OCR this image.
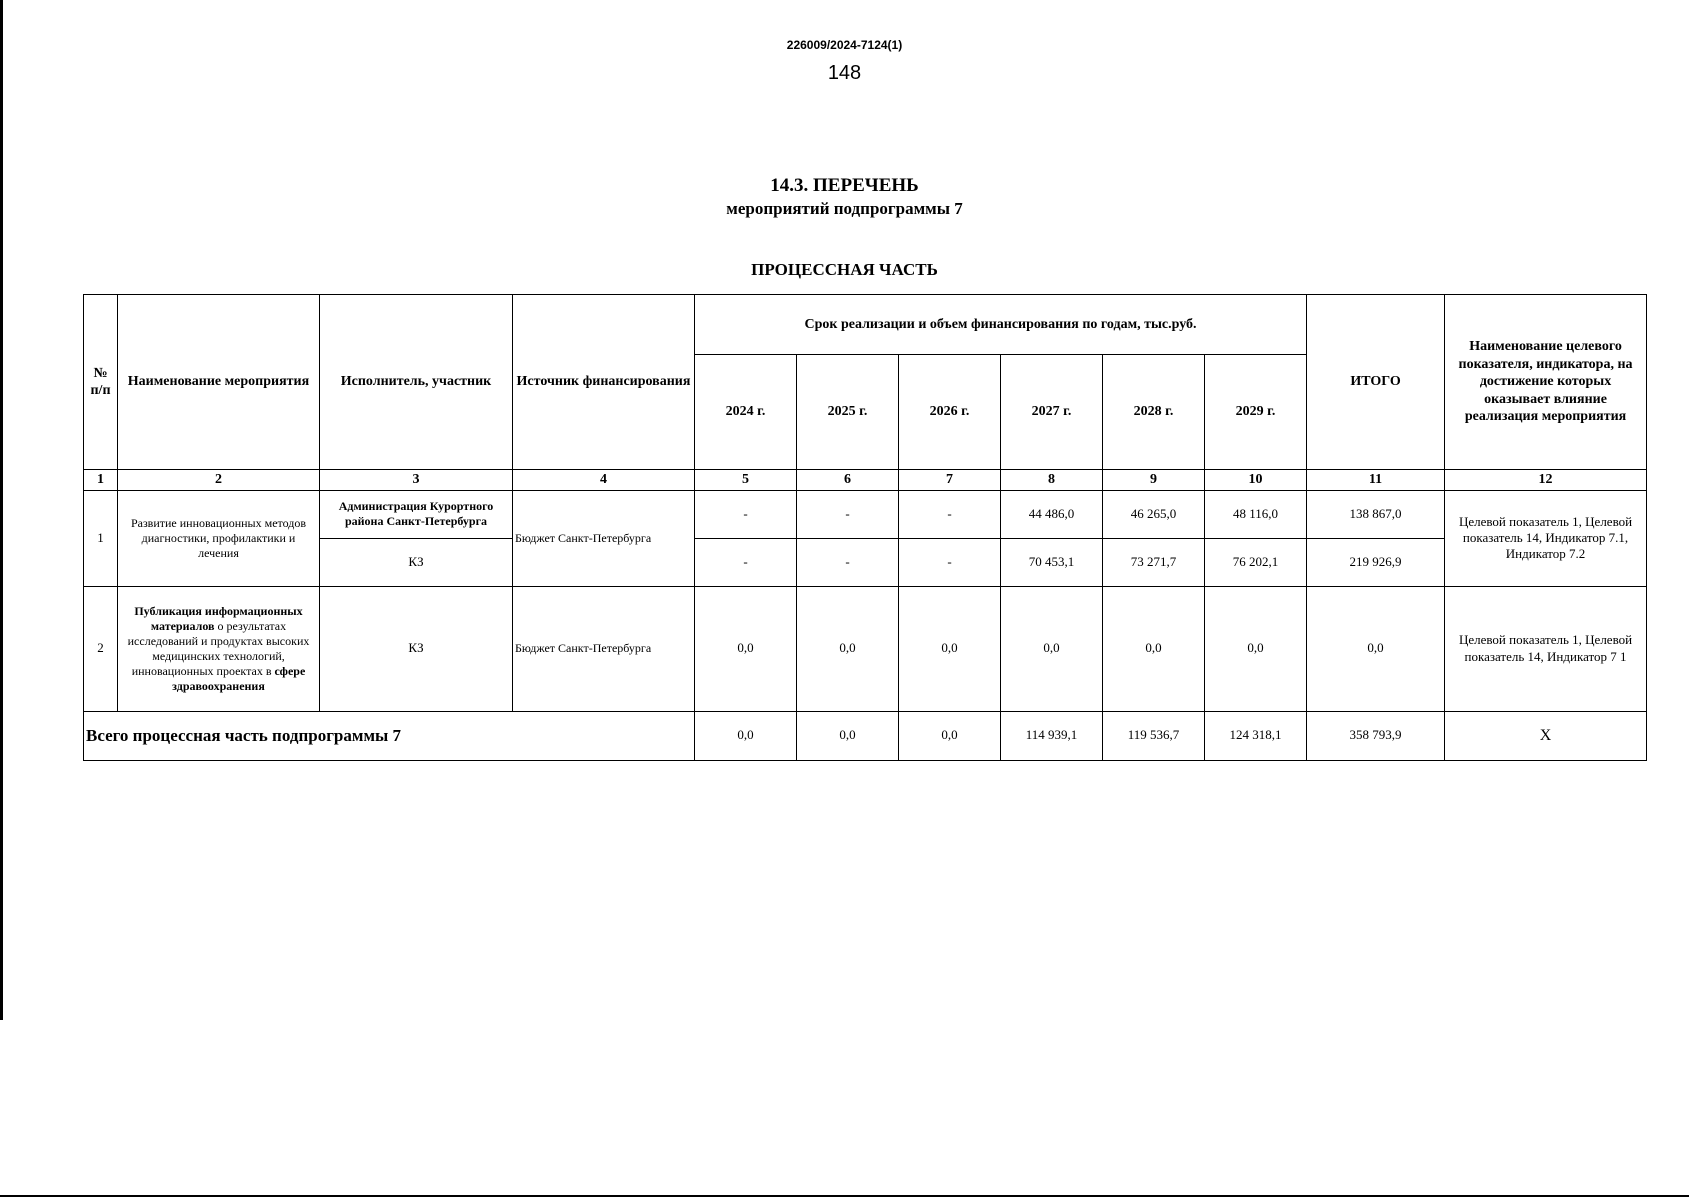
226009/2024-7124(1)
148
14.3. ПЕРЕЧЕНЬ
мероприятий подпрограммы 7
ПРОЦЕССНАЯ ЧАСТЬ
№ п/п	Наименование мероприятия	Исполнитель, участник	Источник финансирования	Срок реализации и объем финансирования по годам, тыс.руб.						ИТОГО	Наименование целевого показателя, индикатора, на достижение которых оказывает влияние реализация мероприятия
				2024 г.	2025 г.	2026 г.	2027 г.	2028 г.	2029 г.		
1	2	3	4	5	6	7	8	9	10	11	12
1	Развитие инновационных методов диагностики, профилактики и лечения	Администрация Курортного района Санкт-Петербурга	Бюджет Санкт-Петербурга	-	-	-	44 486,0	46 265,0	48 116,0	138 867,0	Целевой показатель 1, Целевой показатель 14, Индикатор 7.1, Индикатор 7.2
		КЗ		-	-	-	70 453,1	73 271,7	76 202,1	219 926,9	
2	Публикация информационных материалов о результатах исследований и продуктах высоких медицинских технологий, инновационных проектах в сфере здравоохранения	КЗ	Бюджет Санкт-Петербурга	0,0	0,0	0,0	0,0	0,0	0,0	0,0	Целевой показатель 1, Целевой показатель 14, Индикатор 7 1
Всего процессная часть подпрограммы 7				0,0	0,0	0,0	114 939,1	119 536,7	124 318,1	358 793,9	X
